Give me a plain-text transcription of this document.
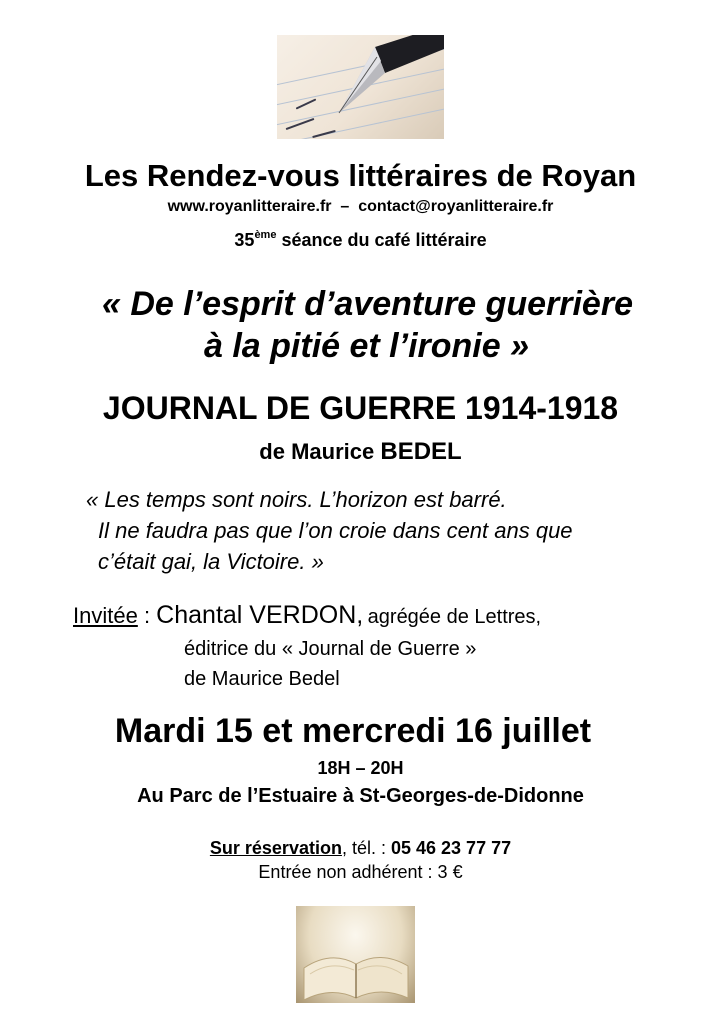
Les Rendez-vous littéraires de Royan
www.royanlitteraire.fr – contact@royanlitteraire.fr
35ème séance du café littéraire
« De l’esprit d’aventure guerrière
à la pitié et l’ironie »
JOURNAL DE GUERRE 1914-1918
de Maurice BEDEL
« Les temps sont noirs. L’horizon est barré.
Il ne faudra pas que l’on croie dans cent ans que
c’était gai, la Victoire. »
Invitée : Chantal VERDON, agrégée de Lettres,
éditrice du « Journal de Guerre »
de Maurice Bedel
Mardi 15 et mercredi 16 juillet
18H – 20H
Au Parc de l’Estuaire à St-Georges-de-Didonne
Sur réservation, tél. : 05 46 23 77 77
Entrée non adhérent : 3 €
